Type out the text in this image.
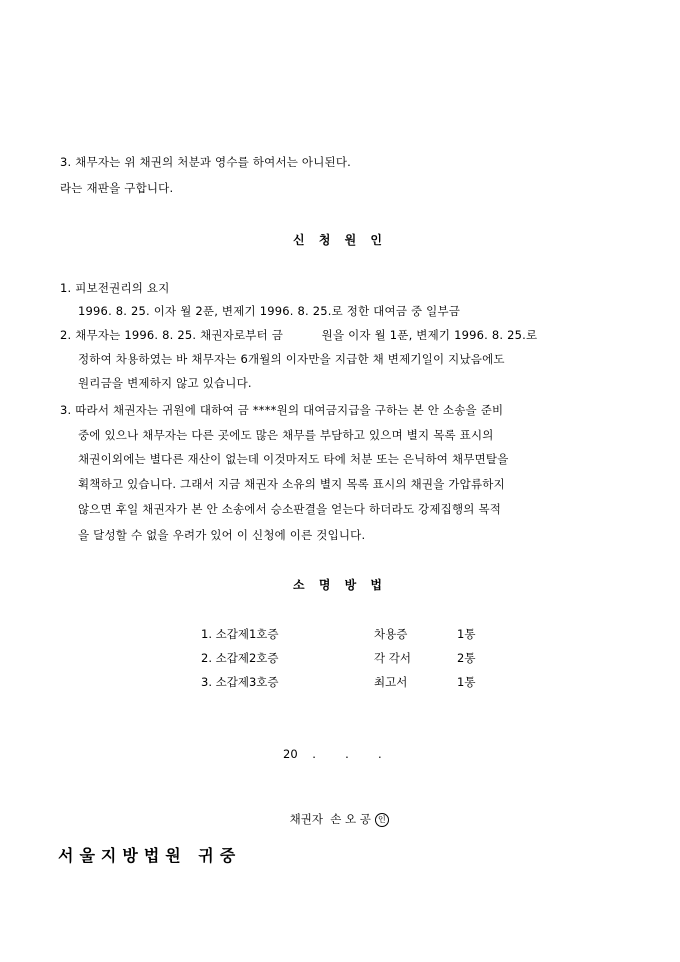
3. 채무자는 위 채권의 처분과 영수를 하여서는 아니된다.
라는 재판을 구합니다.
신 청 원 인
1. 피보전권리의 요지
1996. 8. 25. 이자 월 2푼, 변제기 1996. 8. 25.로 정한 대여금 중 일부금
2. 채무자는 1996. 8. 25. 채권자로부터 금          원을 이자 월 1푼, 변제기 1996. 8. 25.로
정하여 차용하였는 바 채무자는 6개월의 이자만을 지급한 채 변제기일이 지났음에도
원리금을 변제하지 않고 있습니다.
3. 따라서 채권자는 귀원에 대하여 금 ****원의 대여금지급을 구하는 본 안 소송을 준비
중에 있으나 채무자는 다른 곳에도 많은 채무를 부담하고 있으며 별지 목록 표시의
채권이외에는 별다른 재산이 없는데 이것마저도 타에 처분 또는 은닉하여 채무면탈을
획책하고 있습니다. 그래서 지금 채권자 소유의 별지 목록 표시의 채권을 가압류하지
않으면 후일 채권자가 본 안 소송에서 승소판결을 얻는다 하더라도 강제집행의 목적
을 달성할 수 없을 우려가 있어 이 신청에 이른 것입니다.
소 명 방 법
1. 소갑제1호증	차용증	1통
2. 소갑제2호증	각 각서	2통
3. 소갑제3호증	최고서	1통
20    .        .        .

채권자  손 오 공 인

서울지방법원 귀중
